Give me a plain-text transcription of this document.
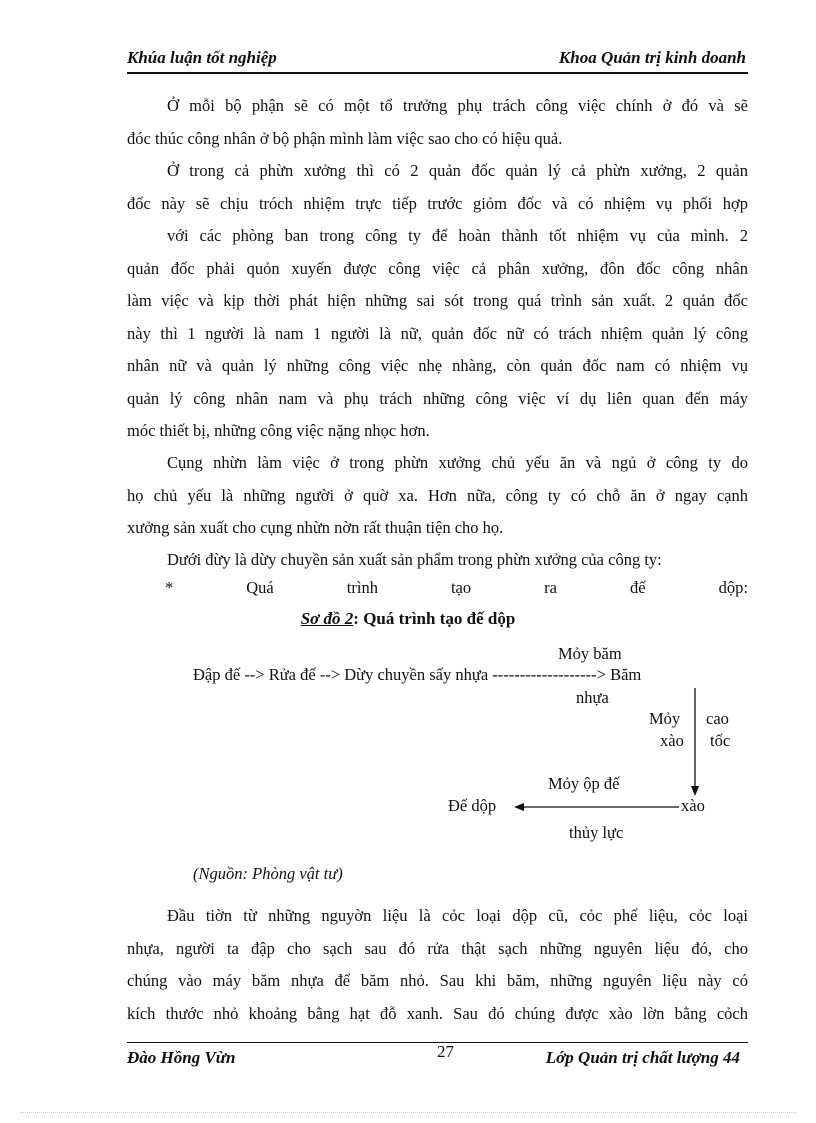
Khúa luận tốt nghiệp	Khoa Quản trị kinh doanh
Ở mỗi bộ phận sẽ có một tổ trưởng phụ trách công việc chính ở đó và sẽ
đóc thúc công nhân ở bộ phận mình làm việc sao cho có hiệu quả.
Ở trong cả phừn xưởng thì có 2 quản đốc quản lý cả phừn xưởng, 2 quản
đốc này sẽ chịu tróch nhiệm trực tiếp trước giỏm đốc và có nhiệm vụ phối hợp
với các phòng ban trong công ty để hoàn thành tốt nhiệm vụ của mình. 2
quản đốc phải quỏn xuyến được công việc cả phân xưởng, đôn đốc công nhân
làm việc và kịp thời phát hiện những sai sót trong quá trình sản xuất. 2 quản đốc
này thì 1 người là nam 1 người là nữ, quản đốc nữ có trách nhiệm quản lý công
nhân nữ và quản lý những công việc nhẹ nhàng, còn quản đốc nam có nhiệm vụ
quản lý công nhân nam và phụ trách những công việc ví dụ liên quan đến máy
móc thiết bị, những công việc nặng nhọc hơn.
Cụng nhừn làm việc ở trong phừn xưởng chủ yếu ăn và ngủ ở công ty do
họ chủ yếu là những người ở quờ xa. Hơn nữa, công ty có chỗ ăn ở ngay cạnh
xưởng sản xuất cho cụng nhừn nờn rất thuận tiện cho họ.
Dưới đừy là dừy chuyền sản xuất sản phẩm trong phừn xưởng của công ty:
*	Quá	trình	tạo	ra	đế	dộp:
Sơ đồ 2: Quá trình tạo đế dộp
Mỏy băm
Đập đế --> Rửa đế --> Dừy chuyền sấy nhựa -------------------> Băm
nhựa
Mỏy cao
xào tốc
Mỏy ộp đế
Đế dộp	xào
thủy lực
(Nguồn: Phòng vật tư)
Đầu tiờn từ những nguyờn liệu là cỏc loại dộp cũ, cỏc phế liệu, cỏc loại
nhựa, người ta đập cho sạch sau đó rửa thật sạch những nguyên liệu đó, cho
chúng vào máy băm nhựa để băm nhỏ. Sau khi băm, những nguyên liệu này có
kích thước nhỏ khoảng bằng hạt đỗ xanh. Sau đó chúng được xào lờn bằng cỏch
Đào Hồng Vừn	27	Lớp Quản trị chất lượng 44
